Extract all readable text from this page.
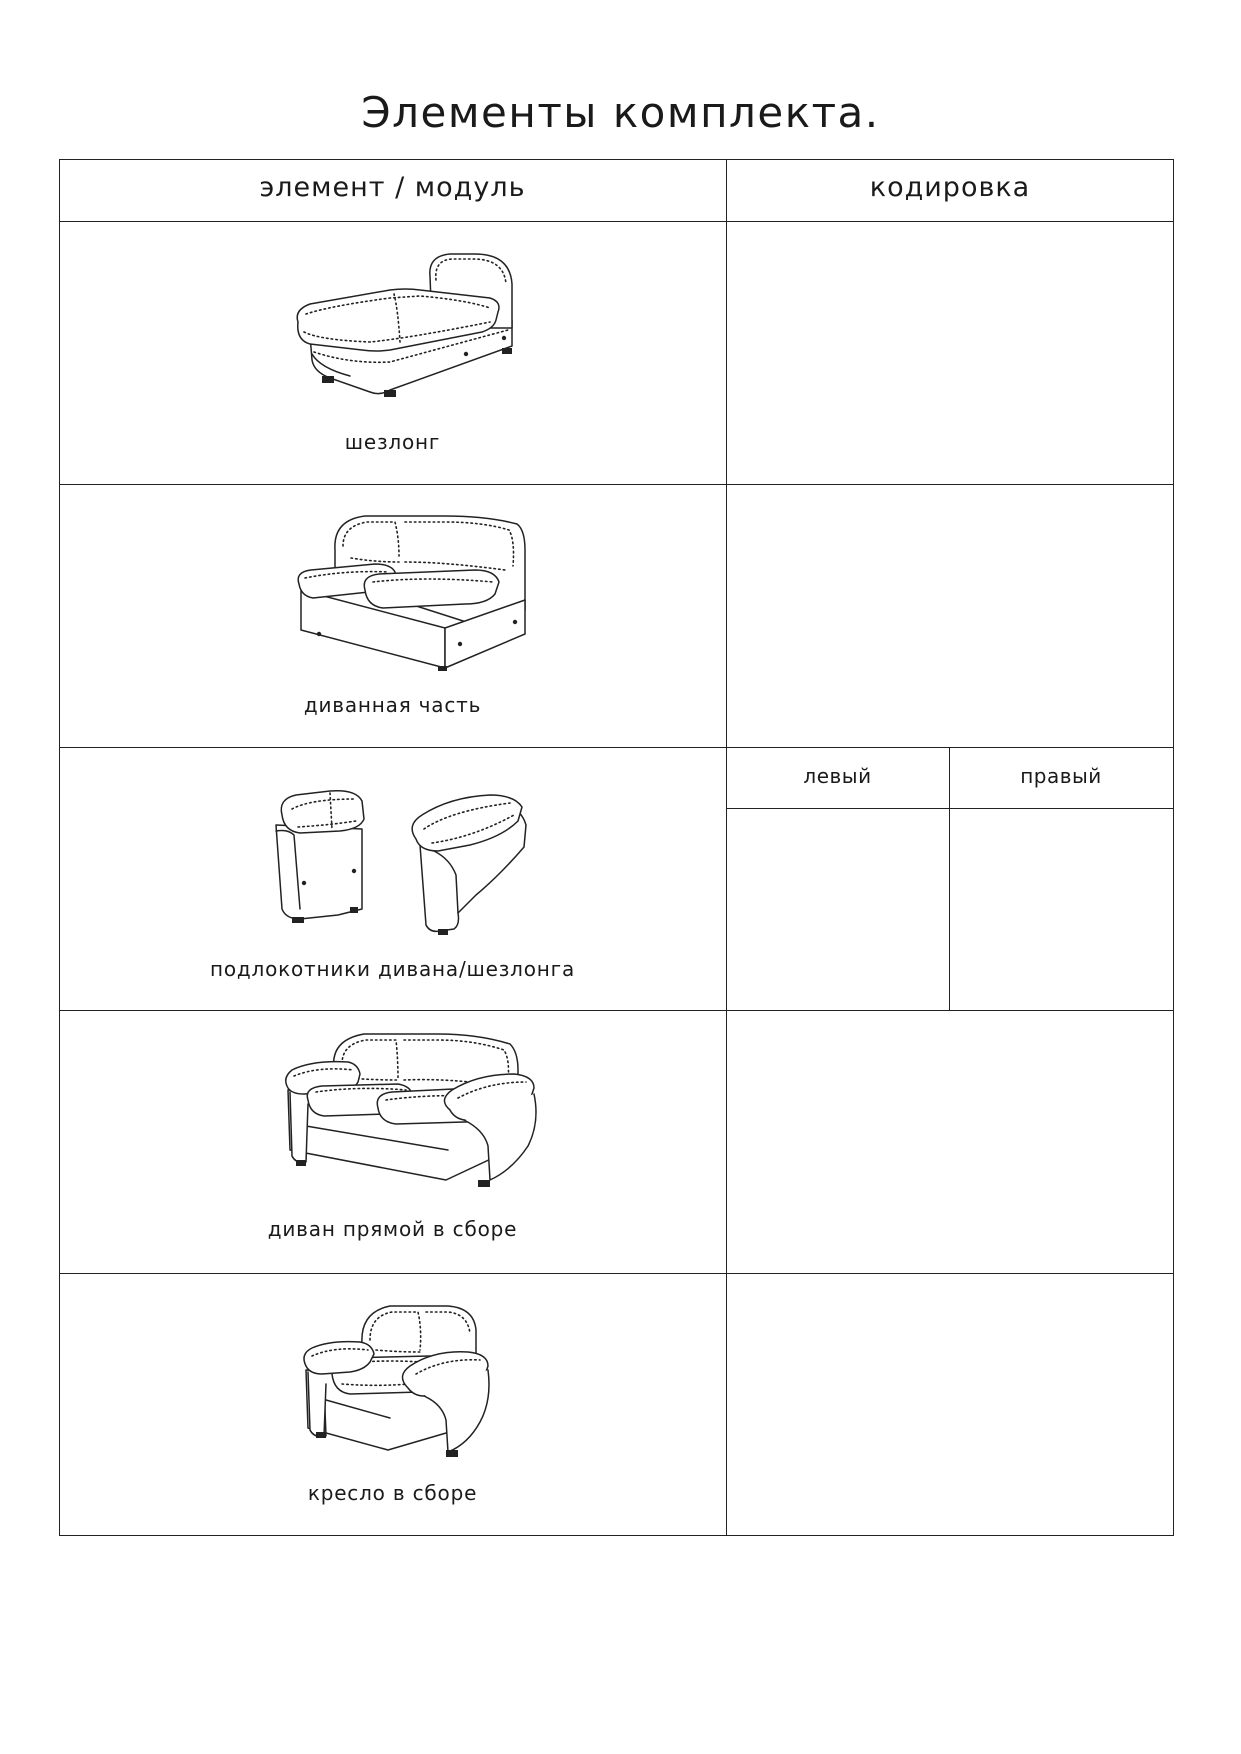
Элементы комплекта.
элемент / модуль	кодировка
левый	правый
шезлонг
диванная часть
подлокотники дивана/шезлонга
диван прямой в сборе
кресло в сборе
